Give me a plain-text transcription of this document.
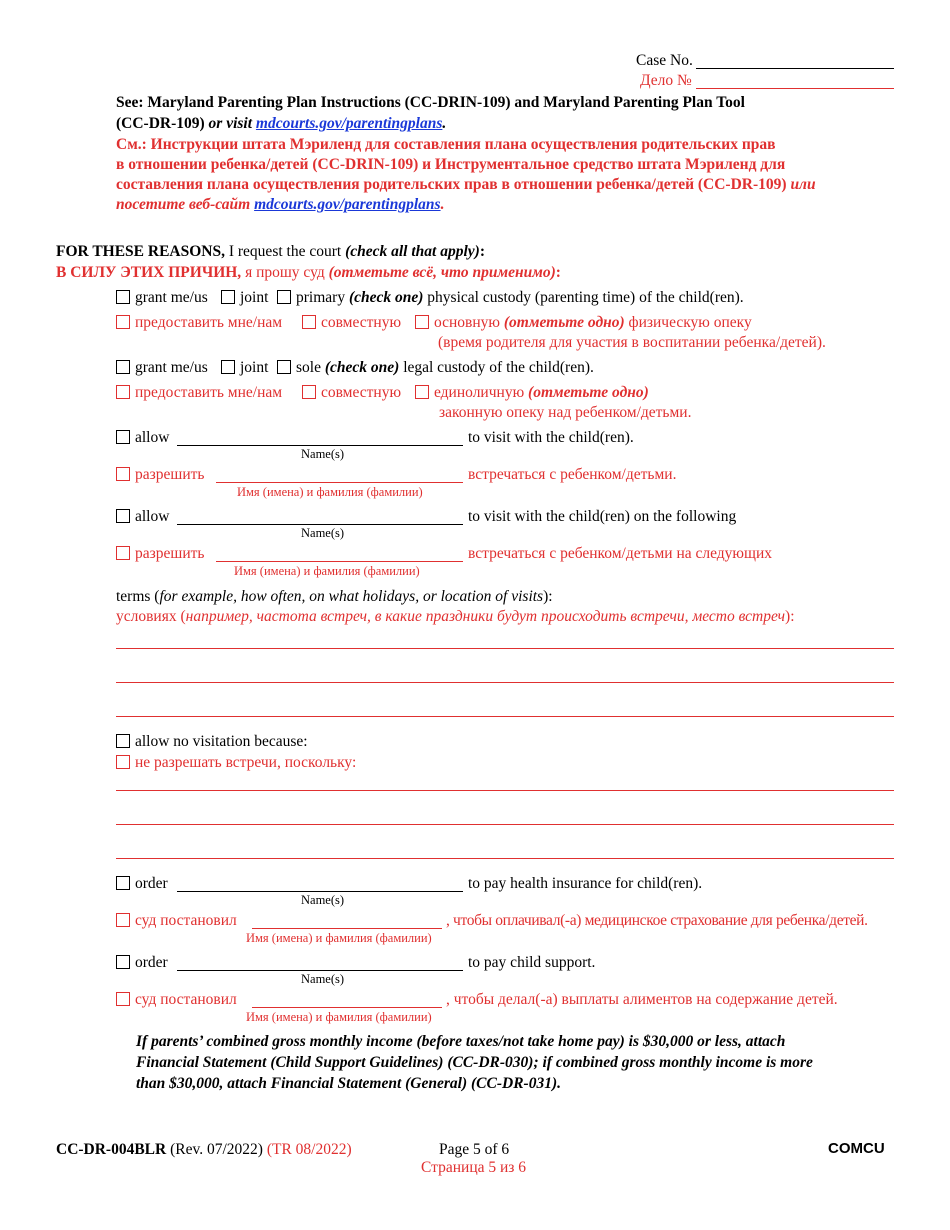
Case No.
Дело №
See: Maryland Parenting Plan Instructions (CC-DRIN-109) and Maryland Parenting Plan Tool
(CC-DR-109) or visit mdcourts.gov/parentingplans.
См.: Инструкции штата Мэриленд для составления плана осуществления родительских прав
в отношении ребенка/детей (CC-DRIN-109) и Инструментальное средство штата Мэриленд для
составления плана осуществления родительских прав в отношении ребенка/детей (CC-DR-109) или
посетите веб-сайт mdcourts.gov/parentingplans.
FOR THESE REASONS, I request the court (check all that apply):
В СИЛУ ЭТИХ ПРИЧИН, я прошу суд (отметьте всё, что применимо):
grant me/us joint primary (check one) physical custody (parenting time) of the child(ren).
предоставить мне/нам	совместную основную (отметьте одно) физическую опеку
(время родителя для участия в воспитании ребенка/детей).
grant me/us joint sole (check one) legal custody of the child(ren).
предоставить мне/нам	совместную единоличную (отметьте одно)
законную опеку над ребенком/детьми.
allow	to visit with the child(ren).
Name(s)
разрешить	встречаться с ребенком/детьми.
Имя (имена) и фамилия (фамилии)
allow	to visit with the child(ren) on the following
Name(s)
разрешить	встречаться с ребенком/детьми на следующих
Имя (имена) и фамилия (фамилии)
terms (for example, how often, on what holidays, or location of visits):
условиях (например, частота встреч, в какие праздники будут происходить встречи, место встреч):
allow no visitation because:
не разрешать встречи, поскольку:
order	to pay health insurance for child(ren).
Name(s)
суд постановил	, чтобы оплачивал(-а) медицинское страхование для ребенка/детей.
Имя (имена) и фамилия (фамилии)
order	to pay child support.
Name(s)
суд постановил	, чтобы делал(-а) выплаты алиментов на содержание детей.
Имя (имена) и фамилия (фамилии)
If parents’ combined gross monthly income (before taxes/not take home pay) is $30,000 or less, attach
Financial Statement (Child Support Guidelines) (CC-DR-030); if combined gross monthly income is more
than $30,000, attach Financial Statement (General) (CC-DR-031).
CC-DR-004BLR (Rev. 07/2022) (TR 08/2022)	Page 5 of 6
Страница 5 из 6
COMCU
